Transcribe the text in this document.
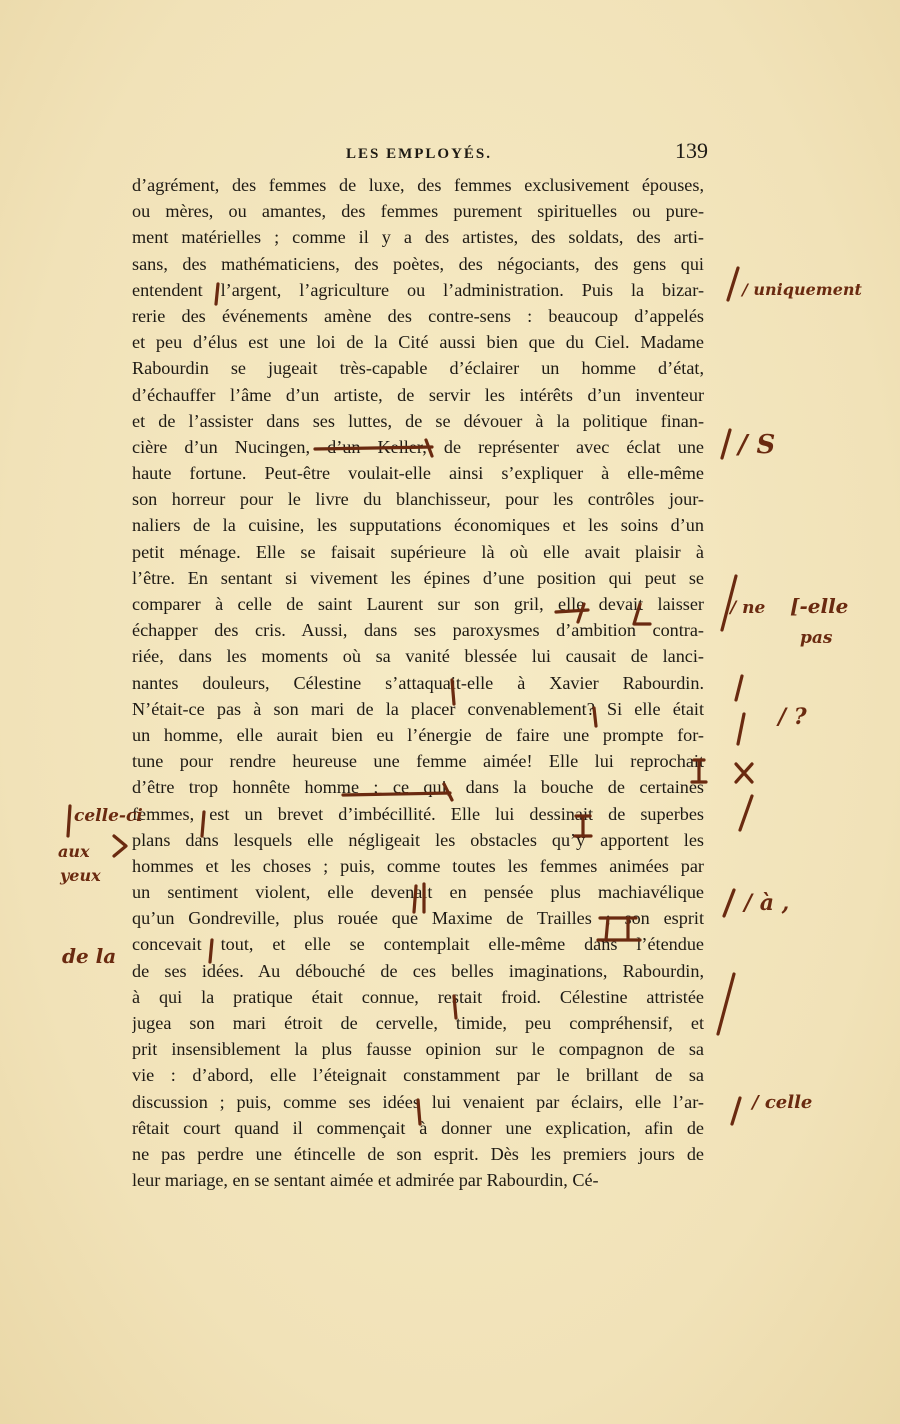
LES EMPLOYÉS.	139
d’agrément, des femmes de luxe, des femmes exclusivement épouses,
ou mères, ou amantes, des femmes purement spirituelles ou pure-
ment matérielles ; comme il y a des artistes, des soldats, des arti-
sans, des mathématiciens, des poètes, des négociants, des gens qui
entendent l’argent, l’agriculture ou l’administration. Puis la bizar-
rerie des événements amène des contre-sens : beaucoup d’appelés
et peu d’élus est une loi de la Cité aussi bien que du Ciel. Madame
Rabourdin se jugeait très-capable d’éclairer un homme d’état,
d’échauffer l’âme d’un artiste, de servir les intérêts d’un inventeur
et de l’assister dans ses luttes, de se dévouer à la politique finan-
cière d’un Nucingen, d’un Keller, de représenter avec éclat une
haute fortune. Peut-être voulait-elle ainsi s’expliquer à elle-même
son horreur pour le livre du blanchisseur, pour les contrôles jour-
naliers de la cuisine, les supputations économiques et les soins d’un
petit ménage. Elle se faisait supérieure là où elle avait plaisir à
l’être. En sentant si vivement les épines d’une position qui peut se
comparer à celle de saint Laurent sur son gril, elle devait laisser
échapper des cris. Aussi, dans ses paroxysmes d’ambition contra-
riée, dans les moments où sa vanité blessée lui causait de lanci-
nantes douleurs, Célestine s’attaquait-elle à Xavier Rabourdin.
N’était-ce pas à son mari de la placer convenablement? Si elle était
un homme, elle aurait bien eu l’énergie de faire une prompte for-
tune pour rendre heureuse une femme aimée! Elle lui reprochait
d’être trop honnête homme ; ce qui, dans la bouche de certaines
femmes, est un brevet d’imbécillité. Elle lui dessinait de superbes
plans dans lesquels elle négligeait les obstacles qu’y apportent les
hommes et les choses ; puis, comme toutes les femmes animées par
un sentiment violent, elle devenait en pensée plus machiavélique
qu’un Gondreville, plus rouée que Maxime de Trailles ; son esprit
concevait tout, et elle se contemplait elle-même dans l’étendue
de ses idées. Au débouché de ces belles imaginations, Rabourdin,
à qui la pratique était connue, restait froid. Célestine attristée
jugea son mari étroit de cervelle, timide, peu compréhensif, et
prit insensiblement la plus fausse opinion sur le compagnon de sa
vie : d’abord, elle l’éteignait constamment par le brillant de sa
discussion ; puis, comme ses idées lui venaient par éclairs, elle l’ar-
rêtait court quand il commençait à donner une explication, afin de
ne pas perdre une étincelle de son esprit. Dès les premiers jours de
leur mariage, en se sentant aimée et admirée par Rabourdin, Cé-
/ uniquement
/ S
/ ne [-elle
pas
/ ?
/ à ,
/ celle
celle-ci
aux
yeux
de la
